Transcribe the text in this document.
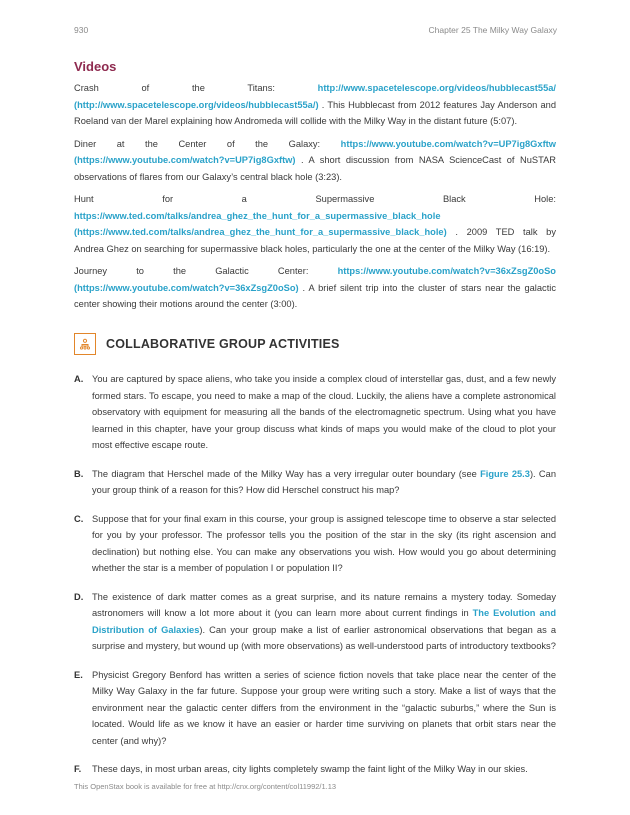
930	Chapter 25 The Milky Way Galaxy
Videos

Crash of the Titans: http://www.spacetelescope.org/videos/hubblecast55a/ (http://www.spacetelescope.org/videos/hubblecast55a/) . This Hubblecast from 2012 features Jay Anderson and Roeland van der Marel explaining how Andromeda will collide with the Milky Way in the distant future (5:07).

Diner at the Center of the Galaxy: https://www.youtube.com/watch?v=UP7ig8Gxftw (https://www.youtube.com/watch?v=UP7ig8Gxftw) . A short discussion from NASA ScienceCast of NuSTAR observations of flares from our Galaxy’s central black hole (3:23).

Hunt for a Supermassive Black Hole: https://www.ted.com/talks/andrea_ghez_the_hunt_for_a_supermassive_black_hole (https://www.ted.com/talks/andrea_ghez_the_hunt_for_a_supermassive_black_hole) . 2009 TED talk by Andrea Ghez on searching for supermassive black holes, particularly the one at the center of the Milky Way (16:19).

Journey to the Galactic Center: https://www.youtube.com/watch?v=36xZsgZ0oSo (https://www.youtube.com/watch?v=36xZsgZ0oSo) . A brief silent trip into the cluster of stars near the galactic center showing their motions around the center (3:00).

COLLABORATIVE GROUP ACTIVITIES
A. You are captured by space aliens, who take you inside a complex cloud of interstellar gas, dust, and a few newly formed stars. To escape, you need to make a map of the cloud. Luckily, the aliens have a complete astronomical observatory with equipment for measuring all the bands of the electromagnetic spectrum. Using what you have learned in this chapter, have your group discuss what kinds of maps you would make of the cloud to plot your most effective escape route.
B. The diagram that Herschel made of the Milky Way has a very irregular outer boundary (see Figure 25.3). Can your group think of a reason for this? How did Herschel construct his map?
C. Suppose that for your final exam in this course, your group is assigned telescope time to observe a star selected for you by your professor. The professor tells you the position of the star in the sky (its right ascension and declination) but nothing else. You can make any observations you wish. How would you go about determining whether the star is a member of population I or population II?
D. The existence of dark matter comes as a great surprise, and its nature remains a mystery today. Someday astronomers will know a lot more about it (you can learn more about current findings in The Evolution and Distribution of Galaxies). Can your group make a list of earlier astronomical observations that began as a surprise and mystery, but wound up (with more observations) as well-understood parts of introductory textbooks?
E. Physicist Gregory Benford has written a series of science fiction novels that take place near the center of the Milky Way Galaxy in the far future. Suppose your group were writing such a story. Make a list of ways that the environment near the galactic center differs from the environment in the “galactic suburbs,” where the Sun is located. Would life as we know it have an easier or harder time surviving on planets that orbit stars near the center (and why)?
F. These days, in most urban areas, city lights completely swamp the faint light of the Milky Way in our skies.
This OpenStax book is available for free at http://cnx.org/content/col11992/1.13
